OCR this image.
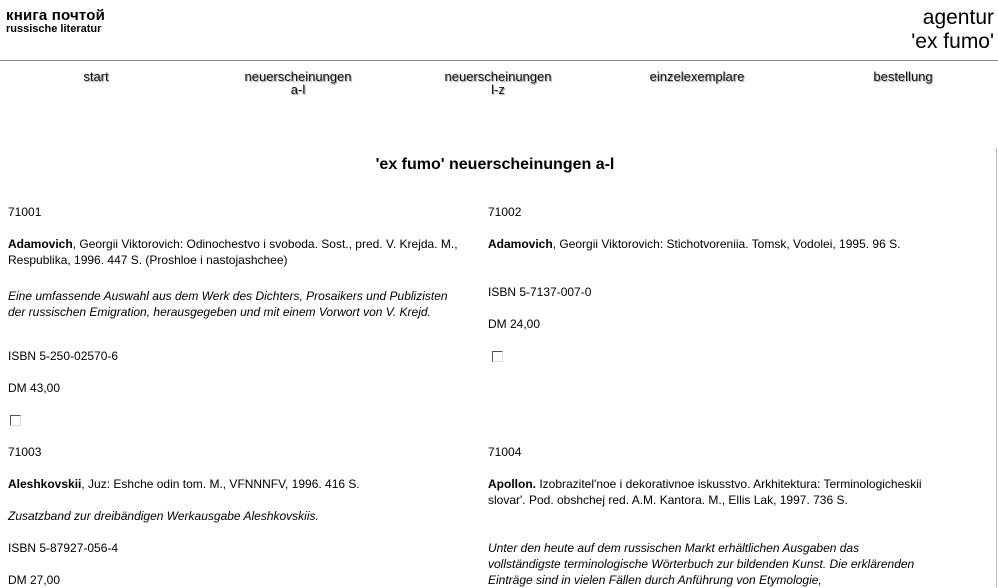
книга почтой
russische literatur	agentur
'ex fumo'
start	neuerscheinungen
a-l
neuerscheinungen
l-z
einzelexemplare	bestellung
'ex fumo' neuerscheinungen a-l
71001
Adamovich, Georgii Viktorovich: Odinochestvo i svoboda. Sost., pred. V. Krejda. M., Respublika, 1996. 447 S. (Proshloe i nastojashchee)
Eine umfassende Auswahl aus dem Werk des Dichters, Prosaikers und Publizisten der russischen Emigration, herausgegeben und mit einem Vorwort von V. Krejd.
ISBN 5-250-02570-6
DM 43,00
71002
Adamovich, Georgii Viktorovich: Stichotvoreniia. Tomsk, Vodolei, 1995. 96 S.
ISBN 5-7137-007-0
DM 24,00
71003
Aleshkovskii, Juz: Eshche odin tom. M., VFNNNFV, 1996. 416 S.
Zusatzband zur dreibändigen Werkausgabe Aleshkovskiis.
ISBN 5-87927-056-4
DM 27,00
71004
Apollon. Izobrazitel'noe i dekorativnoe iskusstvo. Arkhitektura: Terminologicheskii slovar'. Pod. obshchej red. A.M. Kantora. M., Ellis Lak, 1997. 736 S.
Unter den heute auf dem russischen Markt erhältlichen Ausgaben das vollständigste terminologische Wörterbuch zur bildenden Kunst. Die erklärenden Einträge sind in vielen Fällen durch Anführung von Etymologie,
